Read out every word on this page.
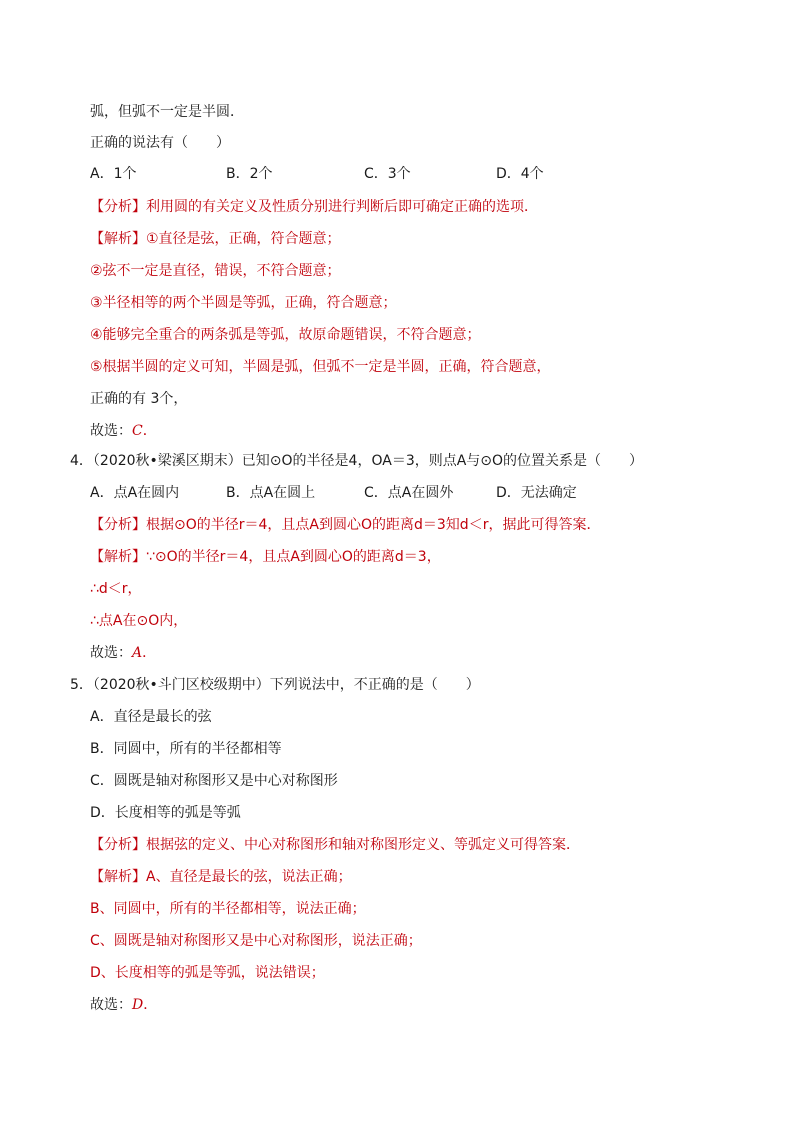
弧，但弧不一定是半圆．
正确的说法有（　　）
A．1个	B．2个	C．3个	D．4个
【分析】利用圆的有关定义及性质分别进行判断后即可确定正确的选项．
【解析】①直径是弦，正确，符合题意；
②弦不一定是直径，错误，不符合题意；
③半径相等的两个半圆是等弧，正确，符合题意；
④能够完全重合的两条弧是等弧，故原命题错误，不符合题意；
⑤根据半圆的定义可知，半圆是弧，但弧不一定是半圆，正确，符合题意，
正确的有 3个，
故选：C．
4．（2020秋•梁溪区期末）已知⊙O的半径是4，OA＝3，则点A与⊙O的位置关系是（　　）
A．点A在圆内	B．点A在圆上	C．点A在圆外	D．无法确定
【分析】根据⊙O的半径r＝4，且点A到圆心O的距离d＝3知d＜r，据此可得答案．
【解析】∵⊙O的半径r＝4，且点A到圆心O的距离d＝3，
∴d＜r，
∴点A在⊙O内，
故选：A．
5．（2020秋•斗门区校级期中）下列说法中，不正确的是（　　）
A．直径是最长的弦
B．同圆中，所有的半径都相等
C．圆既是轴对称图形又是中心对称图形
D．长度相等的弧是等弧
【分析】根据弦的定义、中心对称图形和轴对称图形定义、等弧定义可得答案．
【解析】A、直径是最长的弦，说法正确；
B、同圆中，所有的半径都相等，说法正确；
C、圆既是轴对称图形又是中心对称图形，说法正确；
D、长度相等的弧是等弧，说法错误；
故选：D．
